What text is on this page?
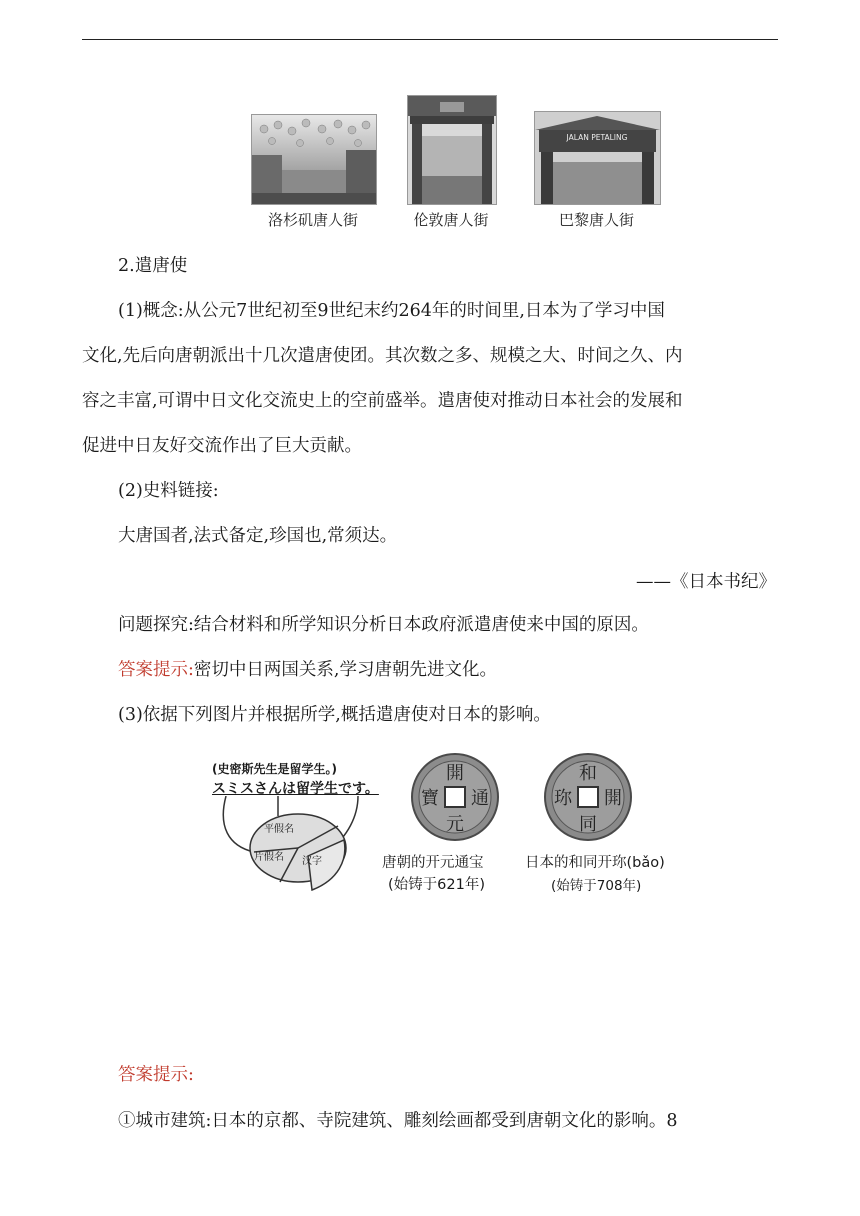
JALAN PETALING
洛杉矶唐人街	伦敦唐人街	巴黎唐人街
2.遣唐使
(1)概念:从公元7世纪初至9世纪末约264年的时间里,日本为了学习中国
文化,先后向唐朝派出十几次遣唐使团。其次数之多、规模之大、时间之久、内
容之丰富,可谓中日文化交流史上的空前盛举。遣唐使对推动日本社会的发展和
促进中日友好交流作出了巨大贡献。
(2)史料链接:
大唐国者,法式备定,珍国也,常须达。
——《日本书纪》
问题探究:结合材料和所学知识分析日本政府派遣唐使来中国的原因。
答案提示:密切中日两国关系,学习唐朝先进文化。
(3)依据下列图片并根据所学,概括遣唐使对日本的影响。
(史密斯先生是留学生。)
スミスさんは留学生です。
平假名
片假名 汉字
開
元
通
寶
唐朝的开元通宝
(始铸于621年)
和
同
開
珎
日本的和同开珎(bǎo)
(始铸于708年)
答案提示:
①城市建筑:日本的京都、寺院建筑、雕刻绘画都受到唐朝文化的影响。8
